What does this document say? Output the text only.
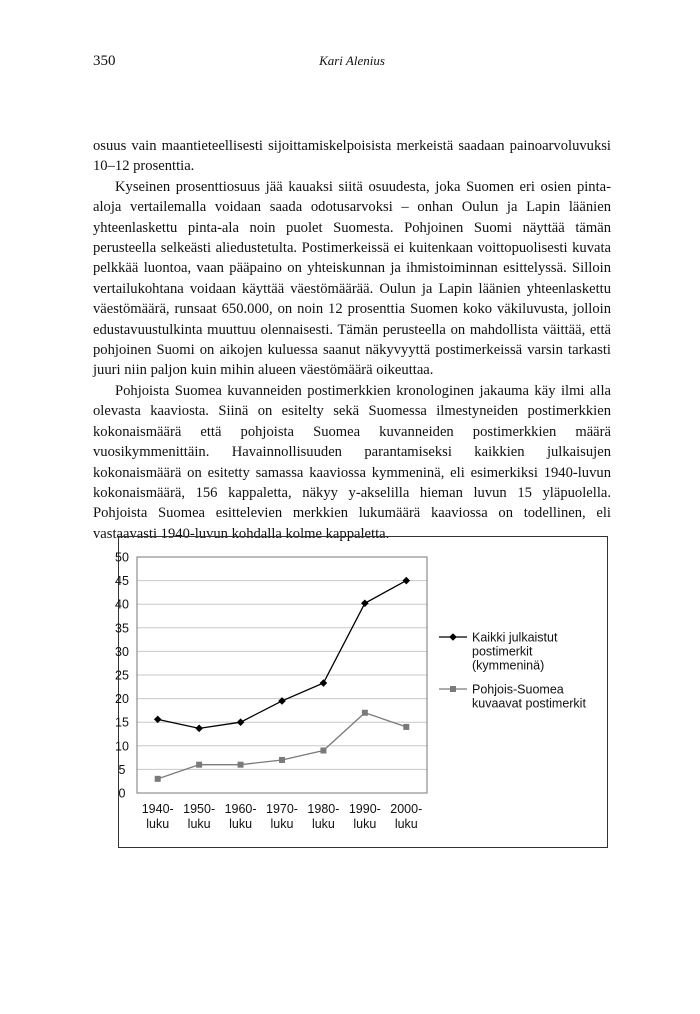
350	Kari Alenius

osuus vain maantieteellisesti sijoittamiskelpoisista merkeistä saadaan painoarvoluvuksi 10–12 prosenttia.

Kyseinen prosenttiosuus jää kauaksi siitä osuudesta, joka Suomen eri osien pinta-aloja vertailemalla voidaan saada odotusarvoksi – onhan Oulun ja Lapin läänien yhteenlaskettu pinta-ala noin puolet Suomesta. Pohjoinen Suomi näyttää tämän perusteella selkeästi aliedustetulta. Postimerkeissä ei kuitenkaan voittopuolisesti kuvata pelkkää luontoa, vaan pääpaino on yhteiskunnan ja ihmistoiminnan esittelyssä. Silloin vertailukohtana voidaan käyttää väestömäärää. Oulun ja Lapin läänien yhteenlaskettu väestömäärä, runsaat 650.000, on noin 12 prosenttia Suomen koko väkiluvusta, jolloin edustavuustulkinta muuttuu olennaisesti. Tämän perusteella on mahdollista väittää, että pohjoinen Suomi on aikojen kuluessa saanut näkyvyyttä postimerkeissä varsin tarkasti juuri niin paljon kuin mihin alueen väestömäärä oikeuttaa.

Pohjoista Suomea kuvanneiden postimerkkien kronologinen jakauma käy ilmi alla olevasta kaaviosta. Siinä on esitelty sekä Suomessa ilmestyneiden postimerkkien kokonaismäärä että pohjoista Suomea kuvanneiden postimerkkien määrä vuosikymmenittäin. Havainnollisuuden parantamiseksi kaikkien julkaisujen kokonaismäärä on esitetty samassa kaaviossa kymmeninä, eli esimerkiksi 1940-luvun kokonaismäärä, 156 kappaletta, näkyy y-akselilla hieman luvun 15 yläpuolella. Pohjoista Suomea esittelevien merkkien lukumäärä kaaviossa on todellinen, eli vastaavasti 1940-luvun kohdalla kolme kappaletta.

0
5
10
15
20
25
30
35
40
45
50
1940-
luku
1950-
luku
1960-
luku
1970-
luku
1980-
luku
1990-
luku
2000-
luku
Kaikki julkaistut
postimerkit
(kymmeninä)
Pohjois-Suomea
kuvaavat postimerkit
